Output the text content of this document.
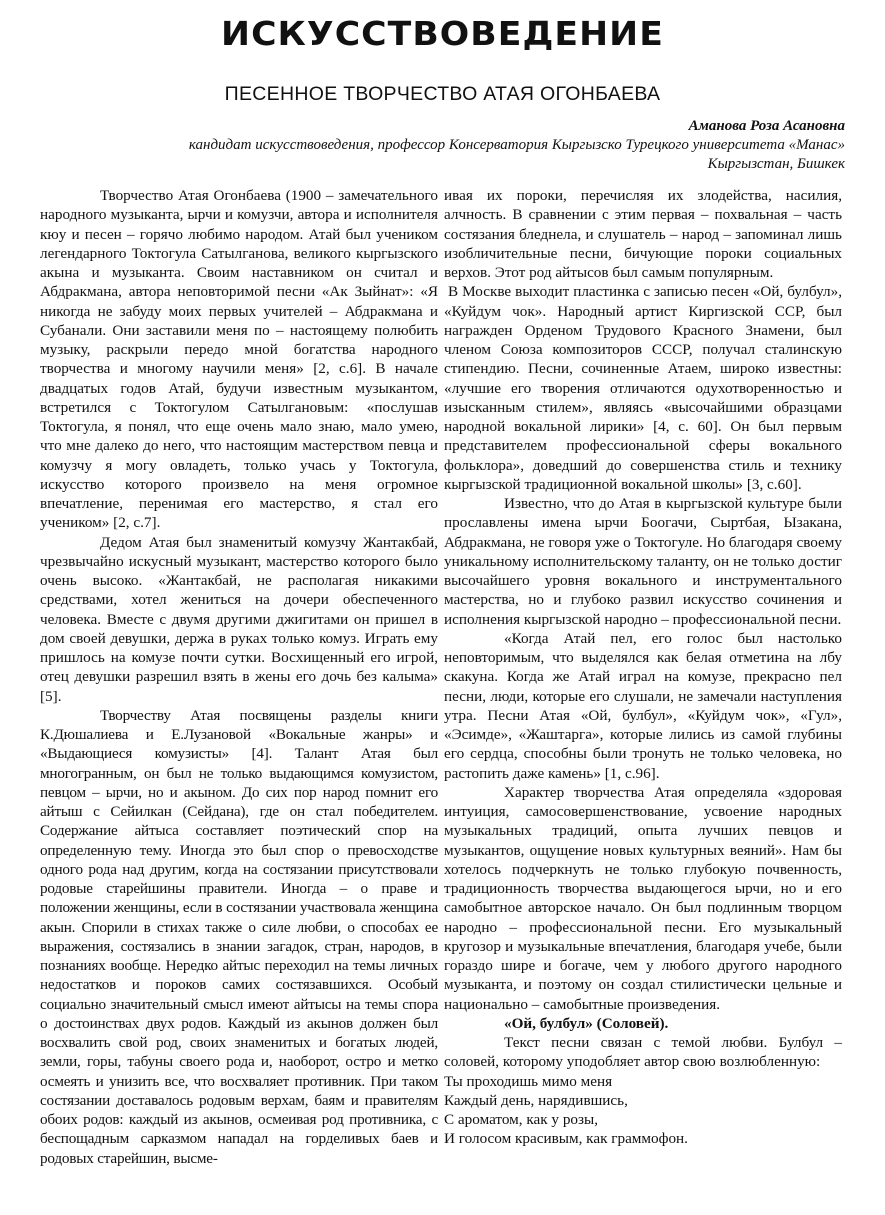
ИСКУССТВОВЕДЕНИЕ
ПЕСЕННОЕ ТВОРЧЕСТВО АТАЯ ОГОНБАЕВА
Аманова Роза Асановна
кандидат искусствоведения, профессор Консерватория Кыргызско Турецкого университета «Манас»
Кыргызстан, Бишкек

Творчество Атая Огонбаева (1900 – замечательного народного музыканта, ырчи и комузчи, автора и исполнителя кюу и песен – горячо любимо народом. Атай был учеником легендарного Токтогула Сатылганова, великого кыргызского акына и музыканта. Своим наставником он считал и Абдракмана, автора неповторимой песни «Ак Зыйнат»: «Я никогда не забуду моих первых учителей – Абдракмана и Субанали. Они заставили меня по – настоящему полюбить музыку, раскрыли передо мной богатства народного творчества и многому научили меня» [2, с.6]. В начале двадцатых годов Атай, будучи известным музыкантом, встретился с Токтогулом Сатылгановым: «послушав Токтогула, я понял, что еще очень мало знаю, мало умею, что мне далеко до него, что настоящим мастерством певца и комузчу я могу овладеть, только учась у Токтогула, искусство которого произвело на меня огромное впечатление, перенимая его мастерство, я стал его учеником» [2, с.7].

Дедом Атая был знаменитый комузчу Жантакбай, чрезвычайно искусный музыкант, мастерство которого было очень высоко. «Жантакбай, не располагая никакими средствами, хотел жениться на дочери обеспеченного человека. Вместе с двумя другими джигитами он пришел в дом своей девушки, держа в руках только комуз. Играть ему пришлось на комузе почти сутки. Восхищенный его игрой, отец девушки разрешил взять в жены его дочь без калыма» [5].

Творчеству Атая посвящены разделы книги К.Дюшалиева и Е.Лузановой «Вокальные жанры» и «Выдающиеся комузисты» [4]. Талант Атая был многогранным, он был не только выдающимся комузистом, певцом – ырчи, но и акыном. До сих пор народ помнит его айтыш с Сейилкан (Сейдана), где он стал победителем. Содержание айтыса составляет поэтический спор на определенную тему. Иногда это был спор о превосходстве одного рода над другим, когда на состязании присутствовали родовые старейшины правители. Иногда – о праве и положении женщины, если в состязании участвовала женщина акын. Спорили в стихах также о силе любви, о способах ее выражения, состязались в знании загадок, стран, народов, в познаниях вообще. Нередко айтыс переходил на темы личных недостатков и пороков самих состязавшихся. Особый социально значительный смысл имеют айтысы на темы спора о достоинствах двух родов. Каждый из акынов должен был восхвалить свой род, своих знаменитых и богатых людей, земли, горы, табуны своего рода и, наоборот, остро и метко осмеять и унизить все, что восхваляет противник. При таком состязании доставалось родовым верхам, баям и правителям обоих родов: каждый из акынов, осмеивая род противника, с беспощадным сарказмом нападал на горделивых баев и родовых старейшин, высме-

ивая их пороки, перечисляя их злодейства, насилия, алчность. В сравнении с этим первая – похвальная – часть состязания бледнела, и слушатель – народ – запоминал лишь изобличительные песни, бичующие пороки социальных верхов. Этот род айтысов был самым популярным.

В Москве выходит пластинка с записью песен «Ой, булбул», «Куйдум чок». Народный артист Киргизской ССР, был награжден Орденом Трудового Красного Знамени, был членом Союза композиторов СССР, получал сталинскую стипендию. Песни, сочиненные Атаем, широко известны: «лучшие его творения отличаются одухотворенностью и изысканным стилем», являясь «высочайшими образцами народной вокальной лирики» [4, с. 60]. Он был первым представителем профессиональной сферы вокального фольклора», доведший до совершенства стиль и технику кыргызской традиционной вокальной школы» [3, с.60].

Известно, что до Атая в кыргызской культуре были прославлены имена ырчи Боогачи, Сыртбая, Ызакана, Абдракмана, не говоря уже о Токтогуле. Но благодаря своему уникальному исполнительскому таланту, он не только достиг высочайшего уровня вокального и инструментального мастерства, но и глубоко развил искусство сочинения и исполнения кыргызской народно – профессиональной песни.

«Когда Атай пел, его голос был настолько неповторимым, что выделялся как белая отметина на лбу скакуна. Когда же Атай играл на комузе, прекрасно пел песни, люди, которые его слушали, не замечали наступления утра. Песни Атая «Ой, булбул», «Куйдум чок», «Гул», «Эсимде», «Жаштарга», которые лились из самой глубины его сердца, способны были тронуть не только человека, но растопить даже камень» [1, с.96].

Характер творчества Атая определяла «здоровая интуиция, самосовершенствование, усвоение народных музыкальных традиций, опыта лучших певцов и музыкантов, ощущение новых культурных веяний». Нам бы хотелось подчеркнуть не только глубокую почвенность, традиционность творчества выдающегося ырчи, но и его самобытное авторское начало. Он был подлинным творцом народно – профессиональной песни. Его музыкальный кругозор и музыкальные впечатления, благодаря учебе, были гораздо шире и богаче, чем у любого другого народного музыканта, и поэтому он создал стилистически цельные и национально – самобытные произведения.

«Ой, булбул» (Соловей).

Текст песни связан с темой любви. Булбул – соловей, которому уподобляет автор свою возлюбленную:

Ты проходишь мимо меня

Каждый день, нарядившись,

С ароматом, как у розы,

И голосом красивым, как граммофон.
